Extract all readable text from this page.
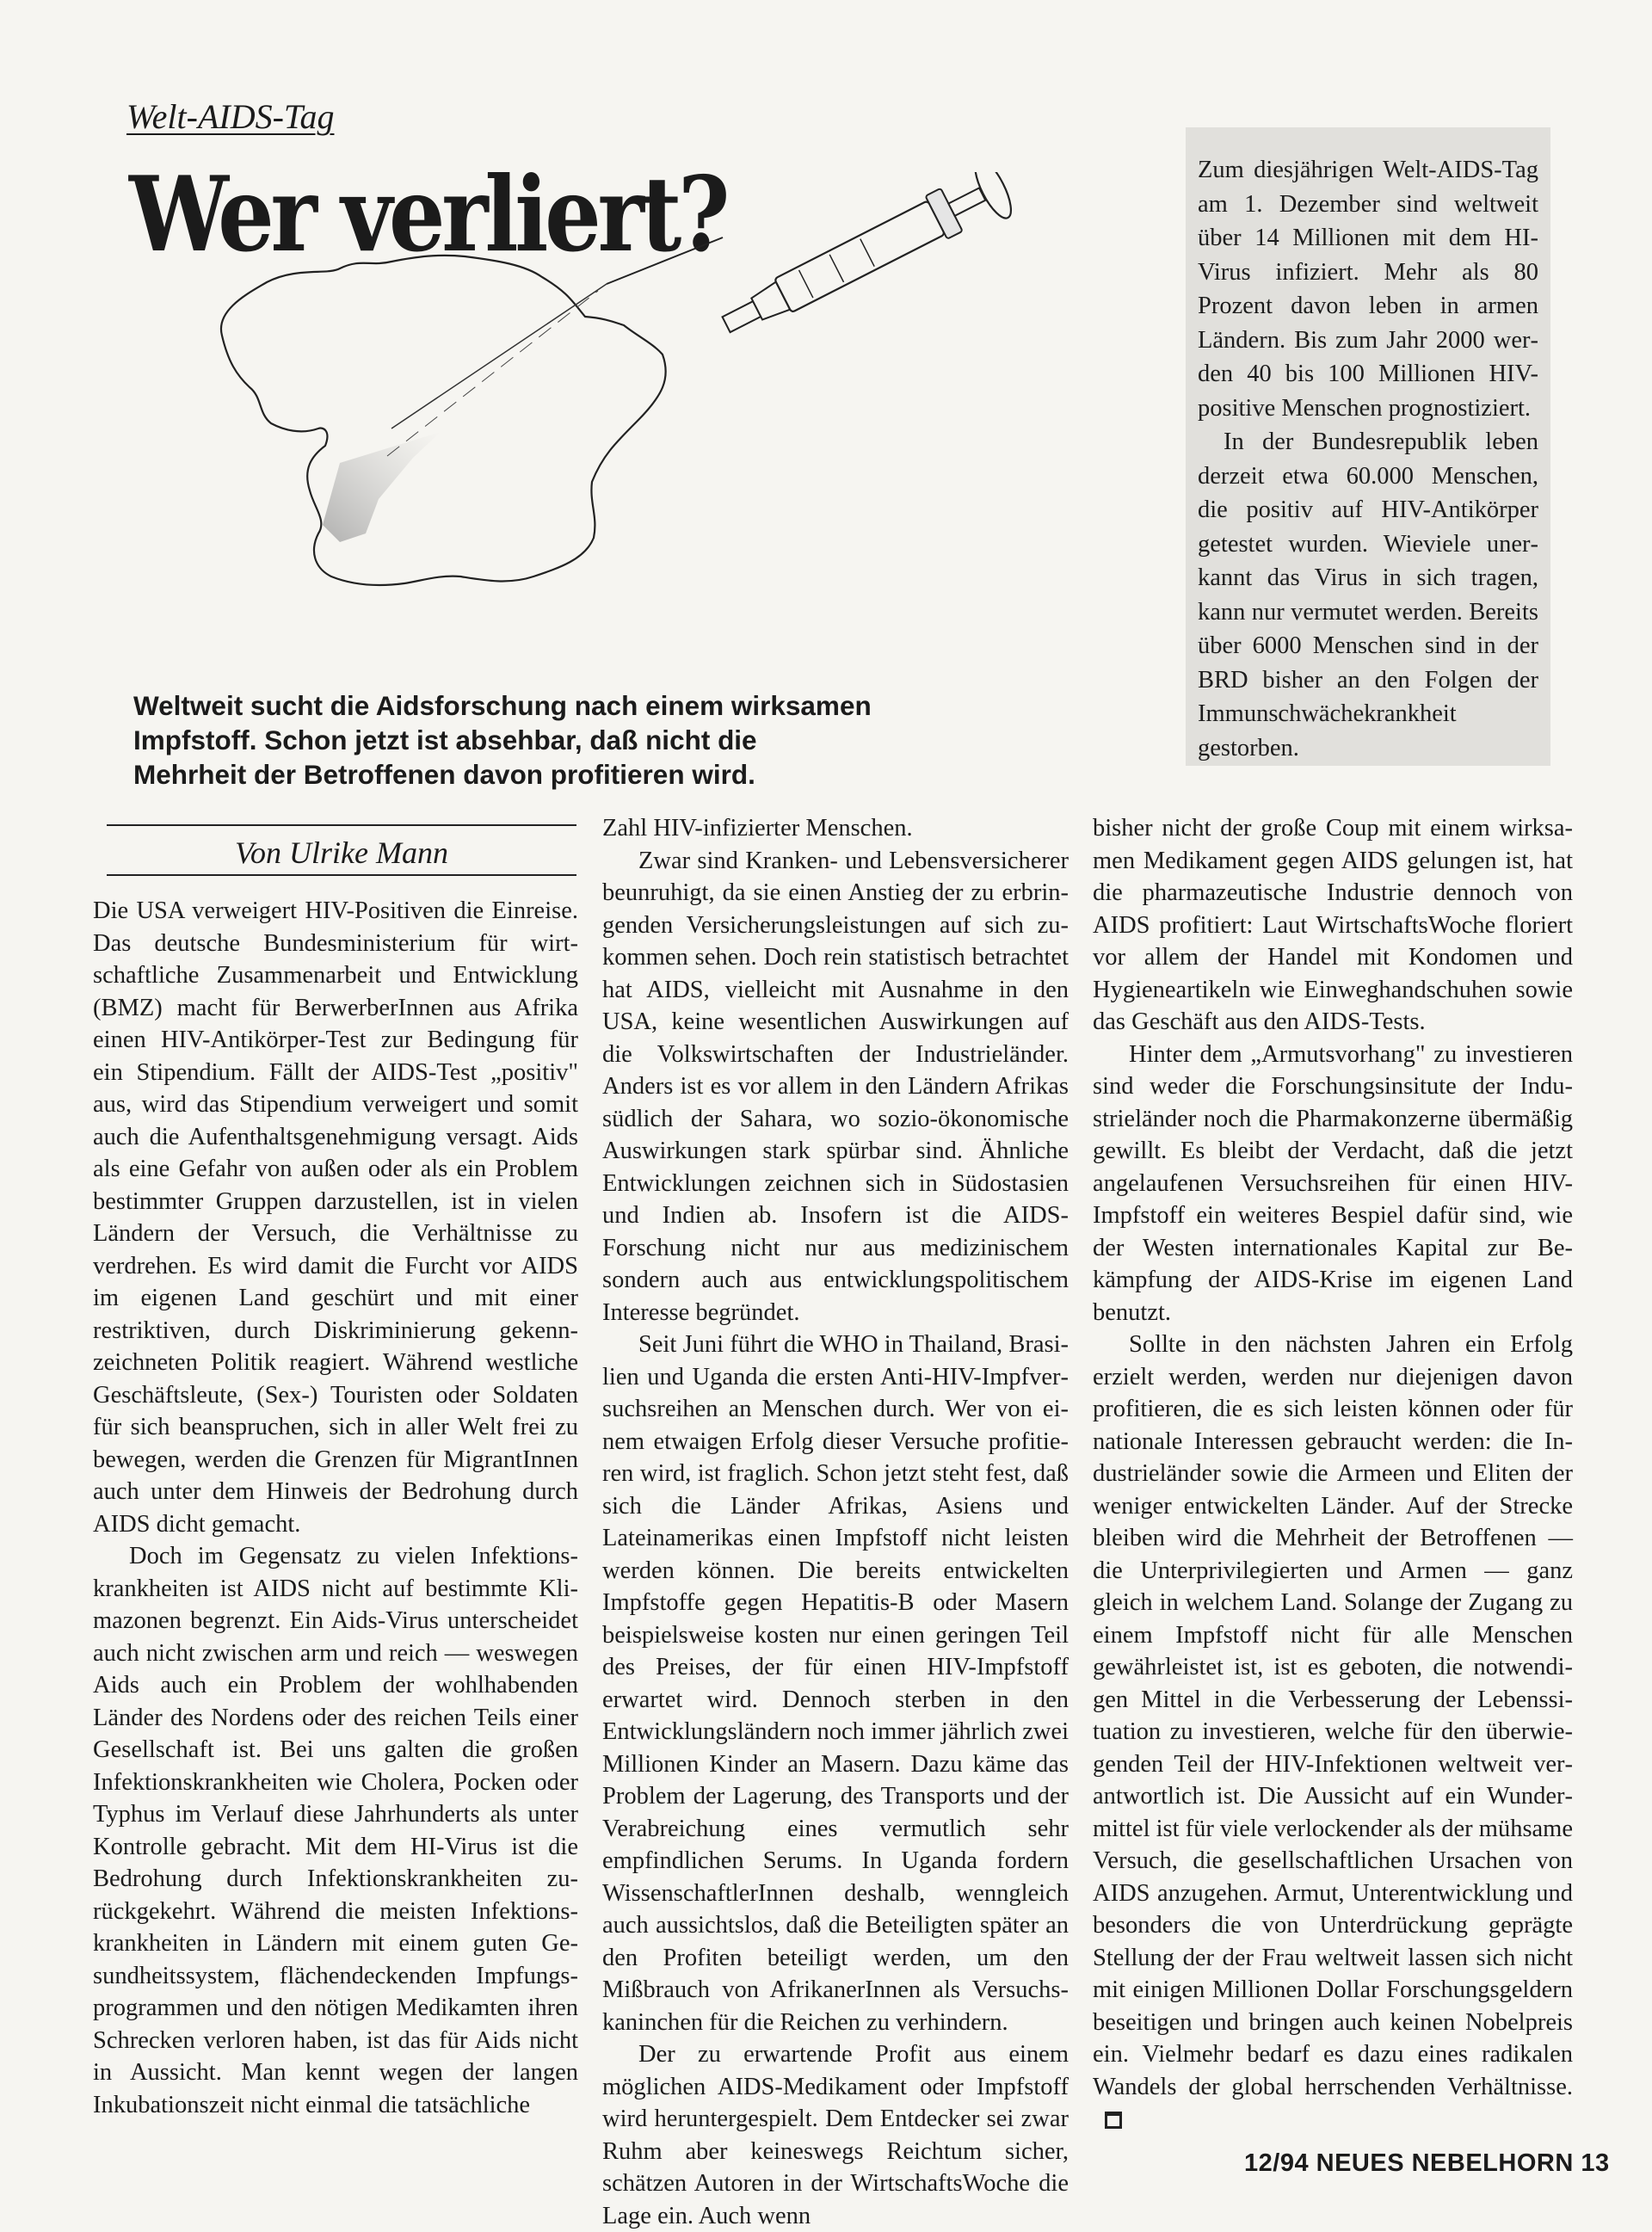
Welt-AIDS-Tag
Wer verliert?	Zum diesjährigen Welt-AIDS-Tag am 1. Dezember sind weltweit über 14 Millionen mit dem HI-Virus infiziert. Mehr als 80 Prozent davon leben in armen Ländern. Bis zum Jahr 2000 werden 40 bis 100 Millionen HIV-positive Menschen prognostiziert.

In der Bundesrepublik leben derzeit etwa 60.000 Menschen, die positiv auf HIV-Antikörper getestet wurden. Wieviele unerkannt das Virus in sich tragen, kann nur vermutet werden. Bereits über 6000 Menschen sind in der BRD bisher an den Folgen der Immunschwächekrankheit gestorben.

Weltweit sucht die Aidsforschung nach einem wirksamen Impfstoff. Schon jetzt ist absehbar, daß nicht die Mehrheit der Betroffenen davon profitieren wird.
Von Ulrike Mann

Die USA verweigert HIV-Positiven die Einreise. Das deutsche Bundesministerium für wirtschaftliche Zusammenarbeit und Entwicklung (BMZ) macht für BerwerberInnen aus Afrika einen HIV-Antikörper-Test zur Bedingung für ein Stipendium. Fällt der AIDS-Test „positiv" aus, wird das Stipendium verweigert und somit auch die Aufenthaltsgenehmigung versagt. Aids als eine Gefahr von außen oder als ein Problem bestimmter Gruppen darzustellen, ist in vielen Ländern der Versuch, die Verhältnisse zu verdrehen. Es wird damit die Furcht vor AIDS im eigenen Land geschürt und mit einer restriktiven, durch Diskriminierung gekennzeichneten Politik reagiert. Während westliche Geschäftsleute, (Sex-) Touristen oder Soldaten für sich beanspruchen, sich in aller Welt frei zu bewegen, werden die Grenzen für MigrantInnen auch unter dem Hinweis der Bedrohung durch AIDS dicht gemacht.

Doch im Gegensatz zu vielen Infektionskrankheiten ist AIDS nicht auf bestimmte Klimazonen begrenzt. Ein Aids-Virus unterscheidet auch nicht zwischen arm und reich — weswegen Aids auch ein Problem der wohlhabenden Länder des Nordens oder des reichen Teils einer Gesellschaft ist. Bei uns galten die großen Infektionskrankheiten wie Cholera, Pocken oder Typhus im Verlauf diese Jahrhunderts als unter Kontrolle gebracht. Mit dem HI-Virus ist die Bedrohung durch Infektionskrankheiten zurückgekehrt. Während die meisten Infektionskrankheiten in Ländern mit einem guten Gesundheitssystem, flächendeckenden Impfungsprogrammen und den nötigen Medikamten ihren Schrecken verloren haben, ist das für Aids nicht in Aussicht. Man kennt wegen der langen Inkubationszeit nicht einmal die tatsächliche

Zahl HIV-infizierter Menschen.

Zwar sind Kranken- und Lebensversicherer beunruhigt, da sie einen Anstieg der zu erbringenden Versicherungsleistungen auf sich zukommen sehen. Doch rein statistisch betrachtet hat AIDS, vielleicht mit Ausnahme in den USA, keine wesentlichen Auswirkungen auf die Volkswirtschaften der Industrieländer. Anders ist es vor allem in den Ländern Afrikas südlich der Sahara, wo sozio-ökonomische Auswirkungen stark spürbar sind. Ähnliche Entwicklungen zeichnen sich in Südostasien und Indien ab. Insofern ist die AIDS-Forschung nicht nur aus medizinischem sondern auch aus entwicklungspolitischem Interesse begründet.

Seit Juni führt die WHO in Thailand, Brasilien und Uganda die ersten Anti-HIV-Impfversuchsreihen an Menschen durch. Wer von einem etwaigen Erfolg dieser Versuche profitieren wird, ist fraglich. Schon jetzt steht fest, daß sich die Länder Afrikas, Asiens und Lateinamerikas einen Impfstoff nicht leisten werden können. Die bereits entwickelten Impfstoffe gegen Hepatitis-B oder Masern beispielsweise kosten nur einen geringen Teil des Preises, der für einen HIV-Impfstoff erwartet wird. Dennoch sterben in den Entwicklungsländern noch immer jährlich zwei Millionen Kinder an Masern. Dazu käme das Problem der Lagerung, des Transports und der Verabreichung eines vermutlich sehr empfindlichen Serums. In Uganda fordern WissenschaftlerInnen deshalb, wenngleich auch aussichtslos, daß die Beteiligten später an den Profiten beteiligt werden, um den Mißbrauch von AfrikanerInnen als Versuchskaninchen für die Reichen zu verhindern.

Der zu erwartende Profit aus einem möglichen AIDS-Medikament oder Impfstoff wird heruntergespielt. Dem Entdecker sei zwar Ruhm aber keineswegs Reichtum sicher, schätzen Autoren in der WirtschaftsWoche die Lage ein. Auch wenn

bisher nicht der große Coup mit einem wirksamen Medikament gegen AIDS gelungen ist, hat die pharmazeutische Industrie dennoch von AIDS profitiert: Laut WirtschaftsWoche floriert vor allem der Handel mit Kondomen und Hygieneartikeln wie Einweghandschuhen sowie das Geschäft aus den AIDS-Tests.

Hinter dem „Armutsvorhang" zu investieren sind weder die Forschungsinsitute der Industrieländer noch die Pharmakonzerne übermäßig gewillt. Es bleibt der Verdacht, daß die jetzt angelaufenen Versuchsreihen für einen HIV-Impfstoff ein weiteres Bespiel dafür sind, wie der Westen internationales Kapital zur Bekämpfung der AIDS-Krise im eigenen Land benutzt.

Sollte in den nächsten Jahren ein Erfolg erzielt werden, werden nur diejenigen davon profitieren, die es sich leisten können oder für nationale Interessen gebraucht werden: die Industrieländer sowie die Armeen und Eliten der weniger entwickelten Länder. Auf der Strecke bleiben wird die Mehrheit der Betroffenen — die Unterprivilegierten und Armen — ganz gleich in welchem Land. Solange der Zugang zu einem Impfstoff nicht für alle Menschen gewährleistet ist, ist es geboten, die notwendigen Mittel in die Verbesserung der Lebenssituation zu investieren, welche für den überwiegenden Teil der HIV-Infektionen weltweit verantwortlich ist. Die Aussicht auf ein Wundermittel ist für viele verlockender als der mühsame Versuch, die gesellschaftlichen Ursachen von AIDS anzugehen. Armut, Unterentwicklung und besonders die von Unterdrückung geprägte Stellung der der Frau weltweit lassen sich nicht mit einigen Millionen Dollar Forschungsgeldern beseitigen und bringen auch keinen Nobelpreis ein. Vielmehr bedarf es dazu eines radikalen Wandels der global herrschenden Verhältnisse.

12/94 NEUES NEBELHORN 13
